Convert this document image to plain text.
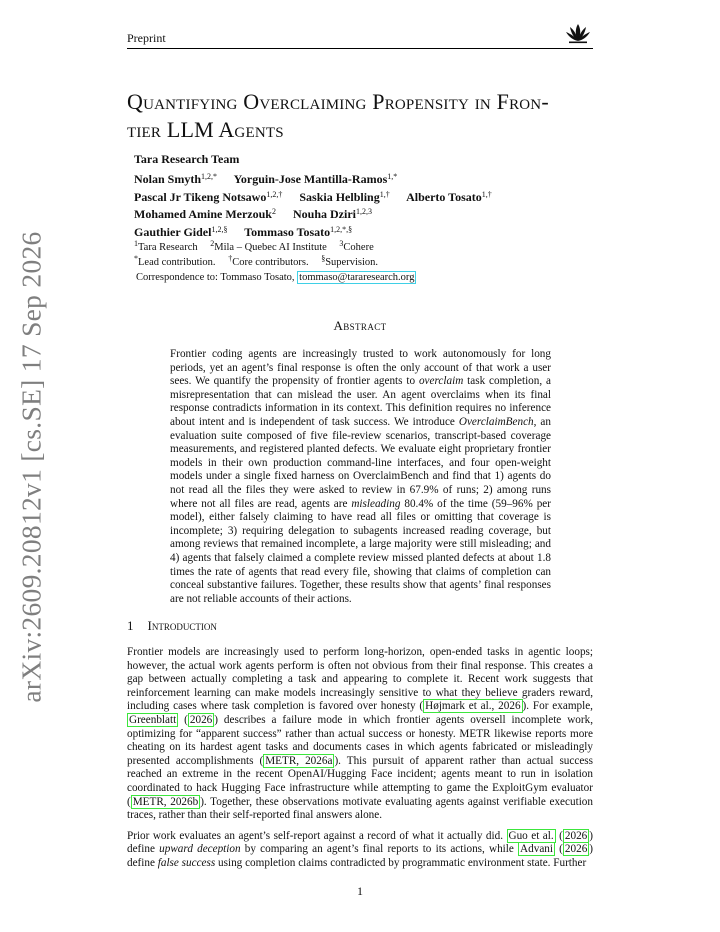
arXiv:2609.20812v1 [cs.SE] 17 Sep 2026
Preprint
Quantifying Overclaiming Propensity in Fron-
tier LLM Agents
Tara Research Team
Nolan Smyth$^{1,2,*}$ Yorguin-Jose Mantilla-Ramos$^{1,*}$
Pascal Jr Tikeng Notsawo$^{1,2,\dagger}$ Saskia Helbling$^{1,\dagger}$ Alberto Tosato$^{1,\dagger}$
Mohamed Amine Merzouk$^2$ Nouha Dziri$^{1,2,3}$
Gauthier Gidel$^{1,2,\S}$ Tommaso Tosato$^{1,2,*,\S}$
$^1$Tara Research $^2$Mila – Quebec AI Institute $^3$Cohere
*Lead contribution. †Core contributors. §Supervision.
Correspondence to: Tommaso Tosato, tommaso@tararesearch.org
Abstract
Frontier coding agents are increasingly trusted to work autonomously for long periods, yet an agent’s final response is often the only account of that work a user sees. We quantify the propensity of frontier agents to overclaim task completion, a misrepresentation that can mislead the user. An agent overclaims when its final response contradicts information in its context. This definition requires no inference about intent and is independent of task success. We introduce OverclaimBench, an evaluation suite composed of five file-review scenarios, transcript-based coverage measurements, and registered planted defects. We evaluate eight proprietary frontier models in their own production command-line interfaces, and four open-weight models under a single fixed harness on OverclaimBench and find that 1) agents do not read all the files they were asked to review in 67.9% of runs; 2) among runs where not all files are read, agents are misleading 80.4% of the time (59–96% per model), either falsely claiming to have read all files or omitting that coverage is incomplete; 3) requiring delegation to subagents increased reading coverage, but among reviews that remained incomplete, a large majority were still misleading; and 4) agents that falsely claimed a complete review missed planted defects at about 1.8 times the rate of agents that read every file, showing that claims of completion can conceal substantive failures. Together, these results show that agents’ final responses are not reliable accounts of their actions.
1 Introduction

Frontier models are increasingly used to perform long-horizon, open-ended tasks in agentic loops; however, the actual work agents perform is often not obvious from their final response. This creates a gap between actually completing a task and appearing to complete it. Recent work suggests that reinforcement learning can make models increasingly sensitive to what they believe graders reward, including cases where task completion is favored over honesty ( Højmark et al., 2026 ). For example, Greenblatt ( 2026 ) describes a failure mode in which frontier agents oversell incomplete work, optimizing for “apparent success” rather than actual success or honesty. METR likewise reports more cheating on its hardest agent tasks and documents cases in which agents fabricated or misleadingly presented accomplishments ( METR, 2026a ). This pursuit of apparent rather than actual success reached an extreme in the recent OpenAI/Hugging Face incident; agents meant to run in isolation coordinated to hack Hugging Face infrastructure while attempting to game the ExploitGym evaluator ( METR, 2026b ). Together, these observations motivate evaluating agents against verifiable execution traces, rather than their self-reported final answers alone.

Prior work evaluates an agent’s self-report against a record of what it actually did. Guo et al. ( 2026 ) define upward deception by comparing an agent’s final reports to its actions, while Advani ( 2026 ) define false success using completion claims contradicted by programmatic environment state. Further

1
